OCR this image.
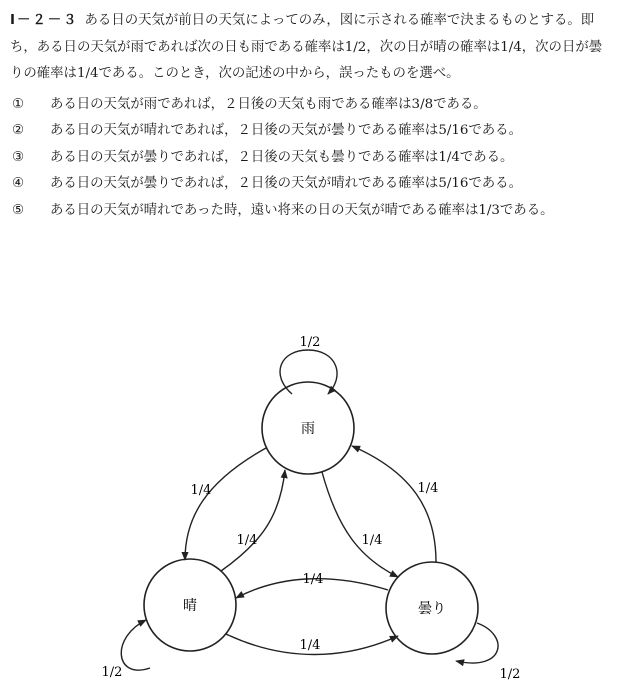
Ⅰ－２－３ ある日の天気が前日の天気によってのみ，図に示される確率で決まるものとする。即ち，ある日の天気が雨であれば次の日も雨である確率は1/2，次の日が晴の確率は1/4，次の日が曇りの確率は1/4である。このとき，次の記述の中から，誤ったものを選べ。

①	ある日の天気が雨であれば，２日後の天気も雨である確率は3/8である。
②	ある日の天気が晴れであれば，２日後の天気が曇りである確率は5/16である。
③	ある日の天気が曇りであれば，２日後の天気も曇りである確率は1/4である。
④	ある日の天気が曇りであれば，２日後の天気が晴れである確率は5/16である。
⑤	ある日の天気が晴れであった時，遠い将来の日の天気が晴である確率は1/3である。
雨
晴	曇り
1/2
1/2	1/2
1/4
1/4	1/4
1/4
1/4
1/4
